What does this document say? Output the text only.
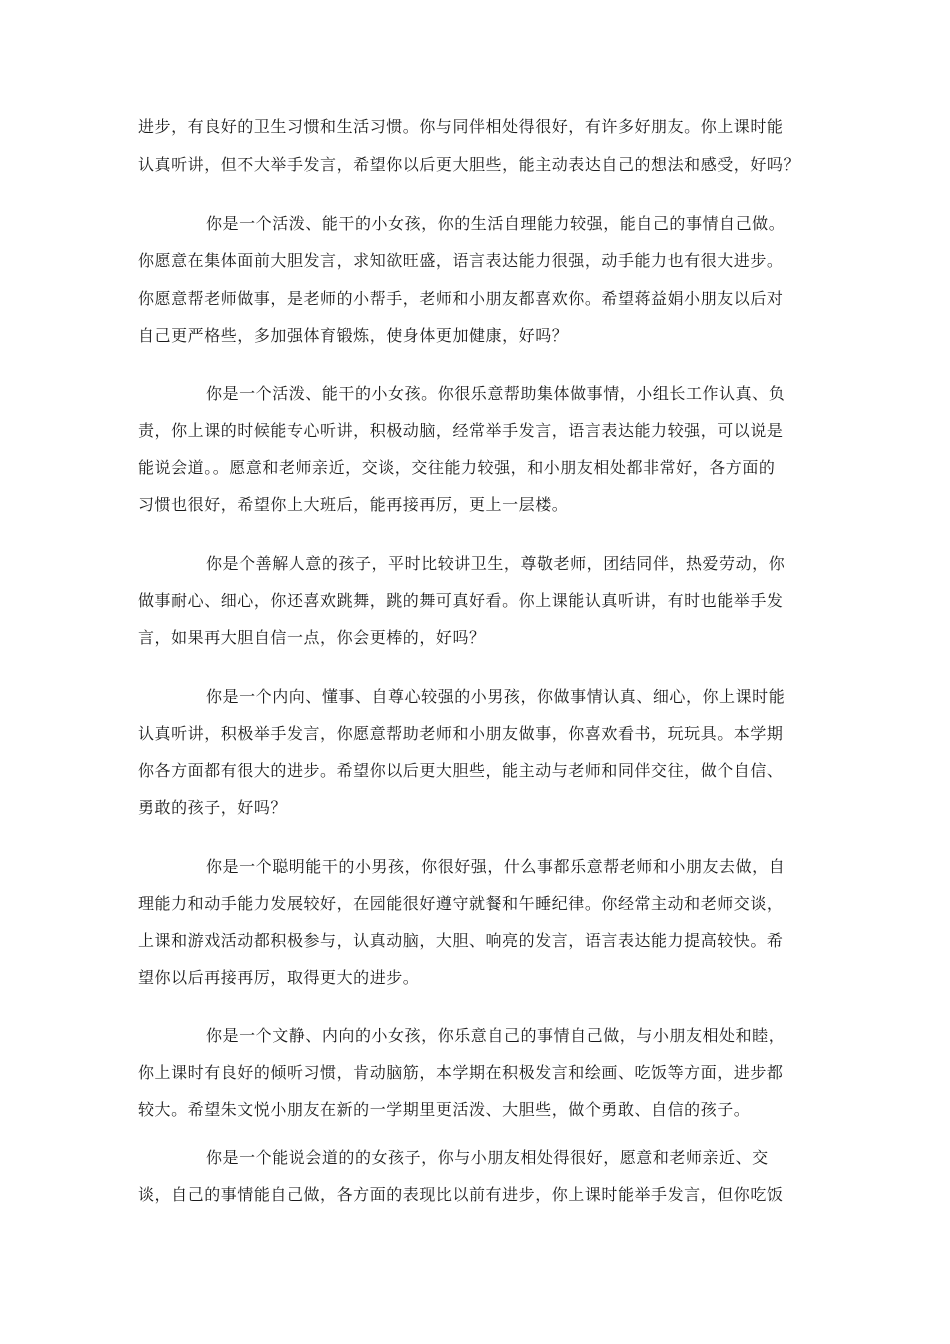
进步，有良好的卫生习惯和生活习惯。你与同伴相处得很好，有许多好朋友。你上课时能
认真听讲，但不大举手发言，希望你以后更大胆些，能主动表达自己的想法和感受，好吗？
你是一个活泼、能干的小女孩，你的生活自理能力较强，能自己的事情自己做。
你愿意在集体面前大胆发言，求知欲旺盛，语言表达能力很强，动手能力也有很大进步。
你愿意帮老师做事，是老师的小帮手，老师和小朋友都喜欢你。希望蒋益娟小朋友以后对
自己更严格些，多加强体育锻炼，使身体更加健康，好吗？
你是一个活泼、能干的小女孩。你很乐意帮助集体做事情，小组长工作认真、负
责，你上课的时候能专心听讲，积极动脑，经常举手发言，语言表达能力较强，可以说是
能说会道。。愿意和老师亲近，交谈，交往能力较强，和小朋友相处都非常好，各方面的
习惯也很好，希望你上大班后，能再接再厉，更上一层楼。
你是个善解人意的孩子，平时比较讲卫生，尊敬老师，团结同伴，热爱劳动，你
做事耐心、细心，你还喜欢跳舞，跳的舞可真好看。你上课能认真听讲，有时也能举手发
言，如果再大胆自信一点，你会更棒的，好吗？
你是一个内向、懂事、自尊心较强的小男孩，你做事情认真、细心，你上课时能
认真听讲，积极举手发言，你愿意帮助老师和小朋友做事，你喜欢看书，玩玩具。本学期
你各方面都有很大的进步。希望你以后更大胆些，能主动与老师和同伴交往，做个自信、
勇敢的孩子，好吗？
你是一个聪明能干的小男孩，你很好强，什么事都乐意帮老师和小朋友去做，自
理能力和动手能力发展较好，在园能很好遵守就餐和午睡纪律。你经常主动和老师交谈，
上课和游戏活动都积极参与，认真动脑，大胆、响亮的发言，语言表达能力提高较快。希
望你以后再接再厉，取得更大的进步。
你是一个文静、内向的小女孩，你乐意自己的事情自己做，与小朋友相处和睦，
你上课时有良好的倾听习惯，肯动脑筋，本学期在积极发言和绘画、吃饭等方面，进步都
较大。希望朱文悦小朋友在新的一学期里更活泼、大胆些，做个勇敢、自信的孩子。
你是一个能说会道的的女孩子，你与小朋友相处得很好，愿意和老师亲近、交
谈，自己的事情能自己做，各方面的表现比以前有进步，你上课时能举手发言，但你吃饭
